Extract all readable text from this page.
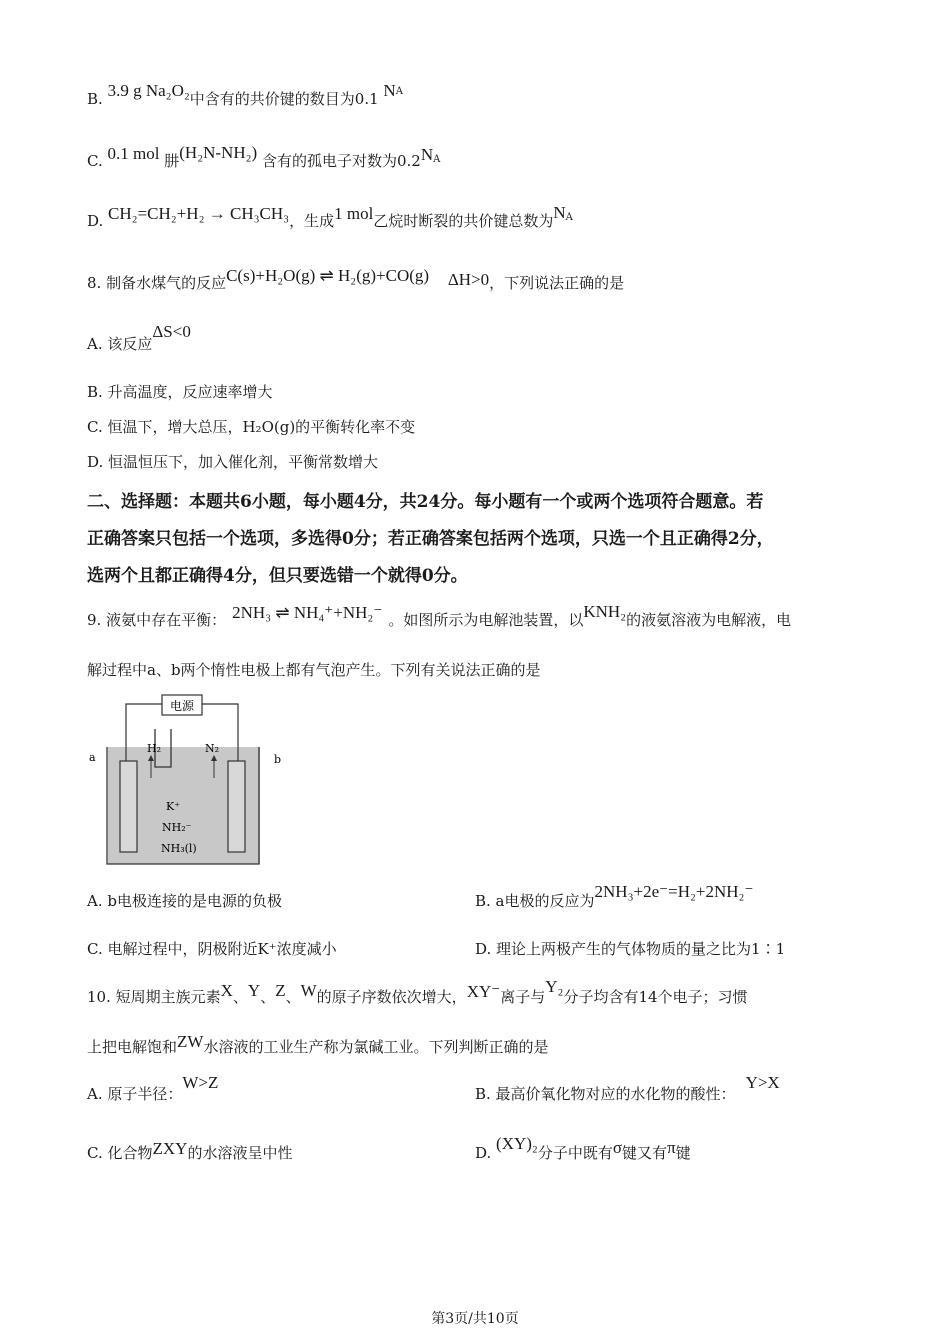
B. 3.9 g Na₂O₂中含有的共价键的数目为0.1 $N^A$
C. 0.1 mol 肼(H₂N-NH₂) 含有的孤电子对数为$0.2N^A$
D. CH₂=CH₂+H₂ → CH₃CH₃，生成1 mol乙烷时断裂的共价键总数为$N^A$
8. 制备水煤气的反应C(s)+H₂O(g) ⇌ H₂(g)+CO(g) ΔH>0，下列说法正确的是
A. 该反应ΔS<0
B. 升高温度，反应速率增大
C. 恒温下，增大总压，H₂O(g)的平衡转化率不变
D. 恒温恒压下，加入催化剂，平衡常数增大
二、选择题：本题共6小题，每小题4分，共24分。每小题有一个或两个选项符合题意。若
正确答案只包括一个选项，多选得0分；若正确答案包括两个选项，只选一个且正确得2分，
选两个且都正确得4分，但只要选错一个就得0分。
9. 液氨中存在平衡： 2NH₃ ⇌ NH₄⁺+NH₂⁻ 。如图所示为电解池装置，以KNH₂的液氨溶液为电解液，电
解过程中a、b两个惰性电极上都有气泡产生。下列有关说法正确的是
电源
a	b
H₂	N₂
K⁺
NH₂⁻
NH₃(l)
A. b电极连接的是电源的负极	B. a电极的反应为2NH₃+2e⁻=H₂+2NH₂⁻
C. 电解过程中，阴极附近K⁺浓度减小	D. 理论上两极产生的气体物质的量之比为1∶1
10. 短周期主族元素X、Y、Z、W的原子序数依次增大，XY⁻离子与Y₂分子均含有14个电子；习惯
上把电解饱和ZW水溶液的工业生产称为氯碱工业。下列判断正确的是
A. 原子半径：W>Z
B. 最高价氧化物对应的水化物的酸性：Y>X
C. 化合物ZXY的水溶液呈中性	D. (XY)₂分子中既有σ键又有π键
第3页/共10页
